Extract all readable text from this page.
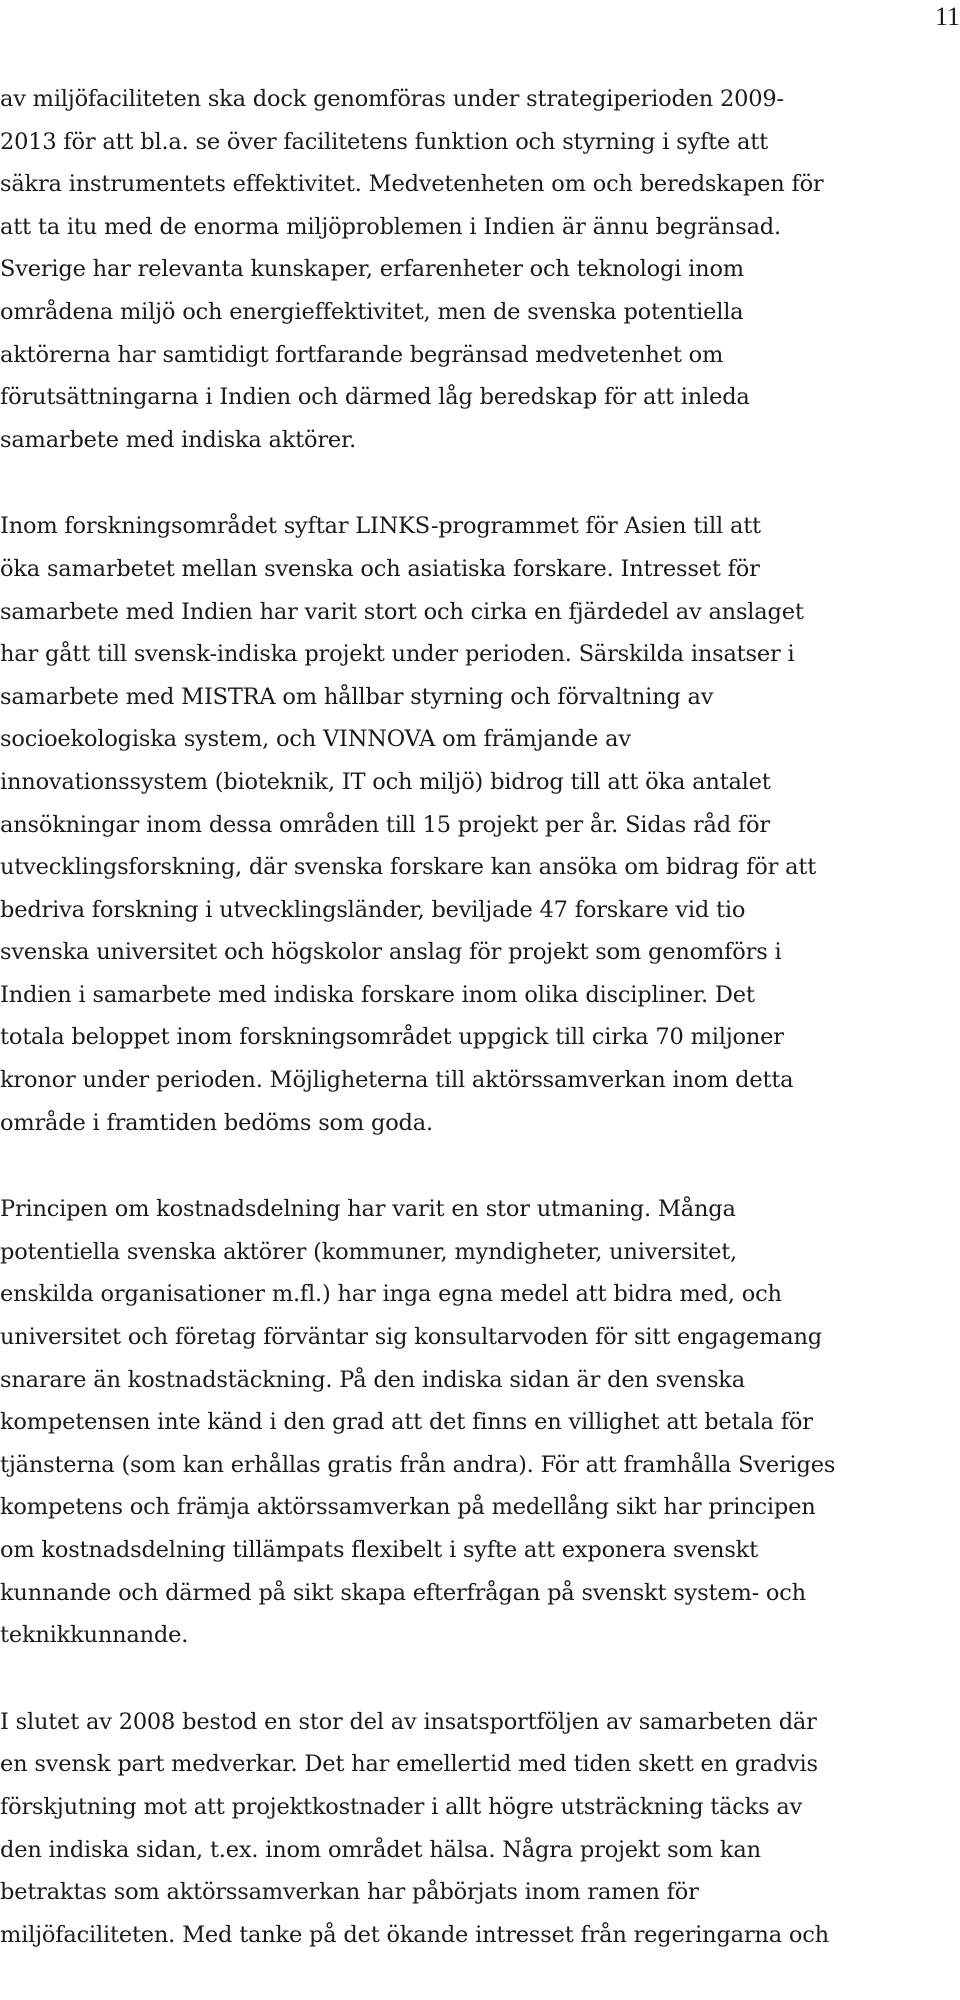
11

av miljöfaciliteten ska dock genomföras under strategiperioden 2009-
2013 för att bl.a. se över facilitetens funktion och styrning i syfte att
säkra instrumentets effektivitet. Medvetenheten om och beredskapen för
att ta itu med de enorma miljöproblemen i Indien är ännu begränsad.
Sverige har relevanta kunskaper, erfarenheter och teknologi inom
områdena miljö och energieffektivitet, men de svenska potentiella
aktörerna har samtidigt fortfarande begränsad medvetenhet om
förutsättningarna i Indien och därmed låg beredskap för att inleda
samarbete med indiska aktörer.

Inom forskningsområdet syftar LINKS-programmet för Asien till att
öka samarbetet mellan svenska och asiatiska forskare. Intresset för
samarbete med Indien har varit stort och cirka en fjärdedel av anslaget
har gått till svensk-indiska projekt under perioden. Särskilda insatser i
samarbete med MISTRA om hållbar styrning och förvaltning av
socioekologiska system, och VINNOVA om främjande av
innovationssystem (bioteknik, IT och miljö) bidrog till att öka antalet
ansökningar inom dessa områden till 15 projekt per år. Sidas råd för
utvecklingsforskning, där svenska forskare kan ansöka om bidrag för att
bedriva forskning i utvecklingsländer, beviljade 47 forskare vid tio
svenska universitet och högskolor anslag för projekt som genomförs i
Indien i samarbete med indiska forskare inom olika discipliner. Det
totala beloppet inom forskningsområdet uppgick till cirka 70 miljoner
kronor under perioden. Möjligheterna till aktörssamverkan inom detta
område i framtiden bedöms som goda.

Principen om kostnadsdelning har varit en stor utmaning. Många
potentiella svenska aktörer (kommuner, myndigheter, universitet,
enskilda organisationer m.fl.) har inga egna medel att bidra med, och
universitet och företag förväntar sig konsultarvoden för sitt engagemang
snarare än kostnadstäckning. På den indiska sidan är den svenska
kompetensen inte känd i den grad att det finns en villighet att betala för
tjänsterna (som kan erhållas gratis från andra). För att framhålla Sveriges
kompetens och främja aktörssamverkan på medellång sikt har principen
om kostnadsdelning tillämpats flexibelt i syfte att exponera svenskt
kunnande och därmed på sikt skapa efterfrågan på svenskt system- och
teknikkunnande.

I slutet av 2008 bestod en stor del av insatsportföljen av samarbeten där
en svensk part medverkar. Det har emellertid med tiden skett en gradvis
förskjutning mot att projektkostnader i allt högre utsträckning täcks av
den indiska sidan, t.ex. inom området hälsa. Några projekt som kan
betraktas som aktörssamverkan har påbörjats inom ramen för
miljöfaciliteten. Med tanke på det ökande intresset från regeringarna och
